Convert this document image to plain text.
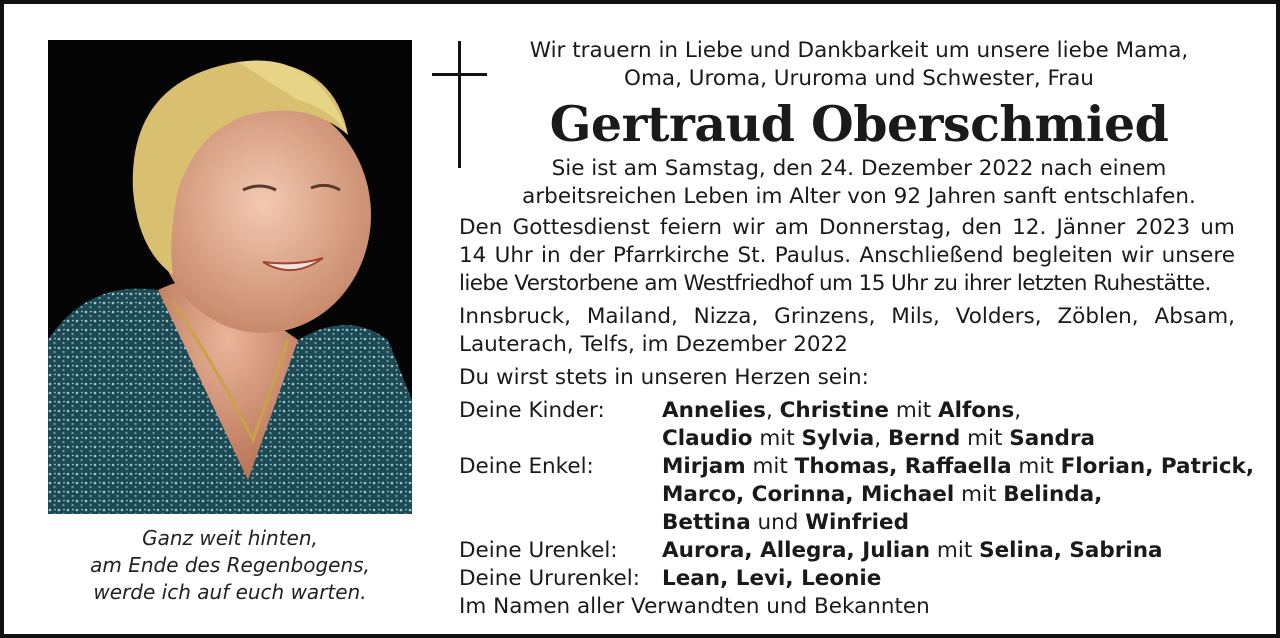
Ganz weit hinten,
am Ende des Regenbogens,
werde ich auf euch warten.
Wir trauern in Liebe und Dankbarkeit um unsere liebe Mama,
Oma, Uroma, Ururoma und Schwester, Frau
Gertraud Oberschmied
Sie ist am Samstag, den 24. Dezember 2022 nach einem
arbeitsreichen Leben im Alter von 92 Jahren sanft entschlafen.
Den Gottesdienst feiern wir am Donnerstag, den 12. Jänner 2023 um
14 Uhr in der Pfarrkirche St. Paulus. Anschließend begleiten wir unsere
liebe Verstorbene am Westfriedhof um 15 Uhr zu ihrer letzten Ruhestätte.
Innsbruck, Mailand, Nizza, Grinzens, Mils, Volders, Zöblen, Absam,
Lauterach, Telfs, im Dezember 2022
Du wirst stets in unseren Herzen sein:
Deine Kinder:	Annelies, Christine mit Alfons,
Claudio mit Sylvia, Bernd mit Sandra
Deine Enkel:	Mirjam mit Thomas, Raffaella mit Florian, Patrick,
Marco, Corinna, Michael mit Belinda,
Bettina und Winfried
Deine Urenkel:	Aurora, Allegra, Julian mit Selina, Sabrina
Deine Ururenkel:	Lean, Levi, Leonie
Im Namen aller Verwandten und Bekannten
